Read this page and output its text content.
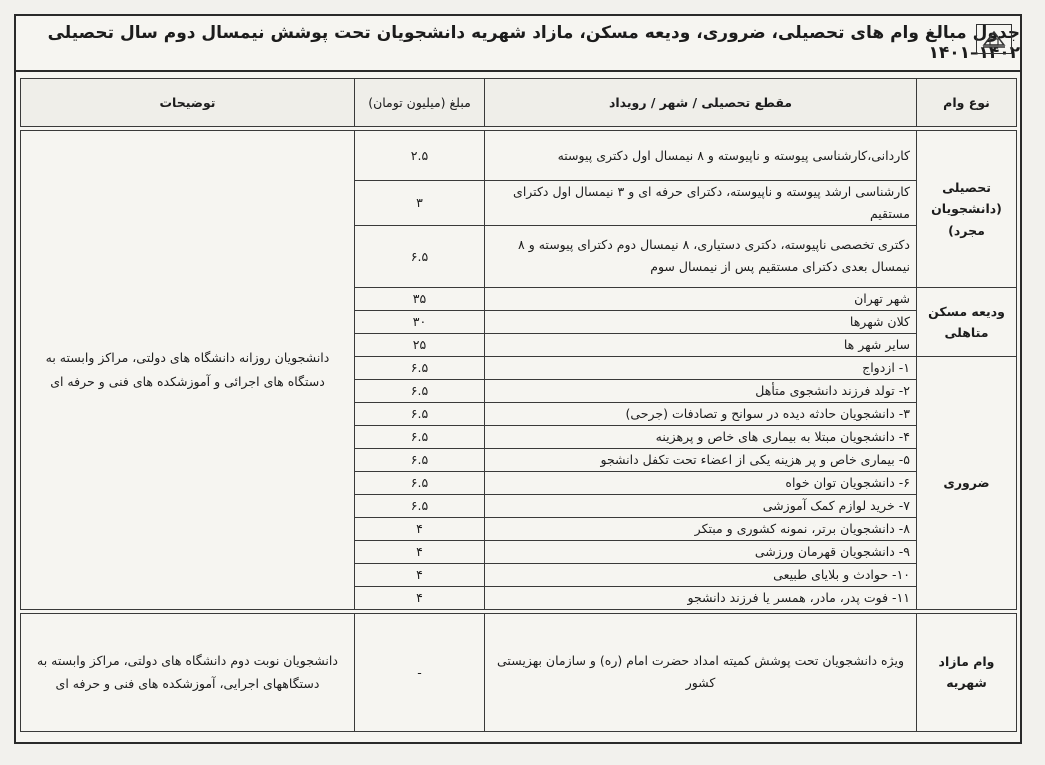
جدول مبالغ وام های تحصیلی، ضروری، ودیعه مسکن، مازاد شهریه دانشجویان تحت پوشش نیمسال دوم سال تحصیلی ۱۴۰۲–۱۴۰۱
نوع وام	مقطع تحصیلی / شهر / رویداد	مبلغ (میلیون تومان)	توضیحات

تحصیلی (دانشجویان مجرد)	کاردانی،کارشناسی پیوسته و ناپیوسته و ۸ نیمسال اول دکتری پیوسته	۲.۵	دانشجویان روزانه دانشگاه های دولتی، مراکز وابسته به دستگاه های اجرائی و آموزشکده های فنی و حرفه ای
	کارشناسی ارشد پیوسته و ناپیوسته، دکترای حرفه ای و ۳ نیمسال اول دکترای مستقیم	۳	
	دکتری تخصصی ناپیوسته، دکتری دستیاری، ۸ نیمسال دوم دکترای پیوسته و ۸ نیمسال بعدی دکترای مستقیم پس از نیمسال سوم	۶.۵	
ودیعه مسکن متاهلی	شهر تهران	۳۵	
	کلان شهرها	۳۰	
	سایر شهر ها	۲۵	
ضروری	۱- ازدواج	۶.۵	
	۲- تولد فرزند دانشجوی متأهل	۶.۵	
	۳- دانشجویان حادثه دیده در سوانح و تصادفات (جرحی)	۶.۵	
	۴- دانشجویان مبتلا به بیماری های خاص و پرهزینه	۶.۵	
	۵- بیماری خاص و پر هزینه یکی از اعضاء تحت تکفل دانشجو	۶.۵	
	۶- دانشجویان توان خواه	۶.۵	
	۷- خرید لوازم کمک آموزشی	۶.۵	
	۸- دانشجویان برتر، نمونه کشوری و مبتکر	۴	
	۹- دانشجویان قهرمان ورزشی	۴	
	۱۰- حوادث و بلایای طبیعی	۴	
	۱۱- فوت پدر، مادر، همسر یا فرزند دانشجو	۴	

وام مازاد شهریه	ویژه دانشجویان تحت پوشش کمیته امداد حضرت امام (ره) و سازمان بهزیستی کشور	-	دانشجویان نوبت دوم دانشگاه های دولتی، مراکز وابسته به دستگاههای اجرایی، آموزشکده های فنی و حرفه ای
